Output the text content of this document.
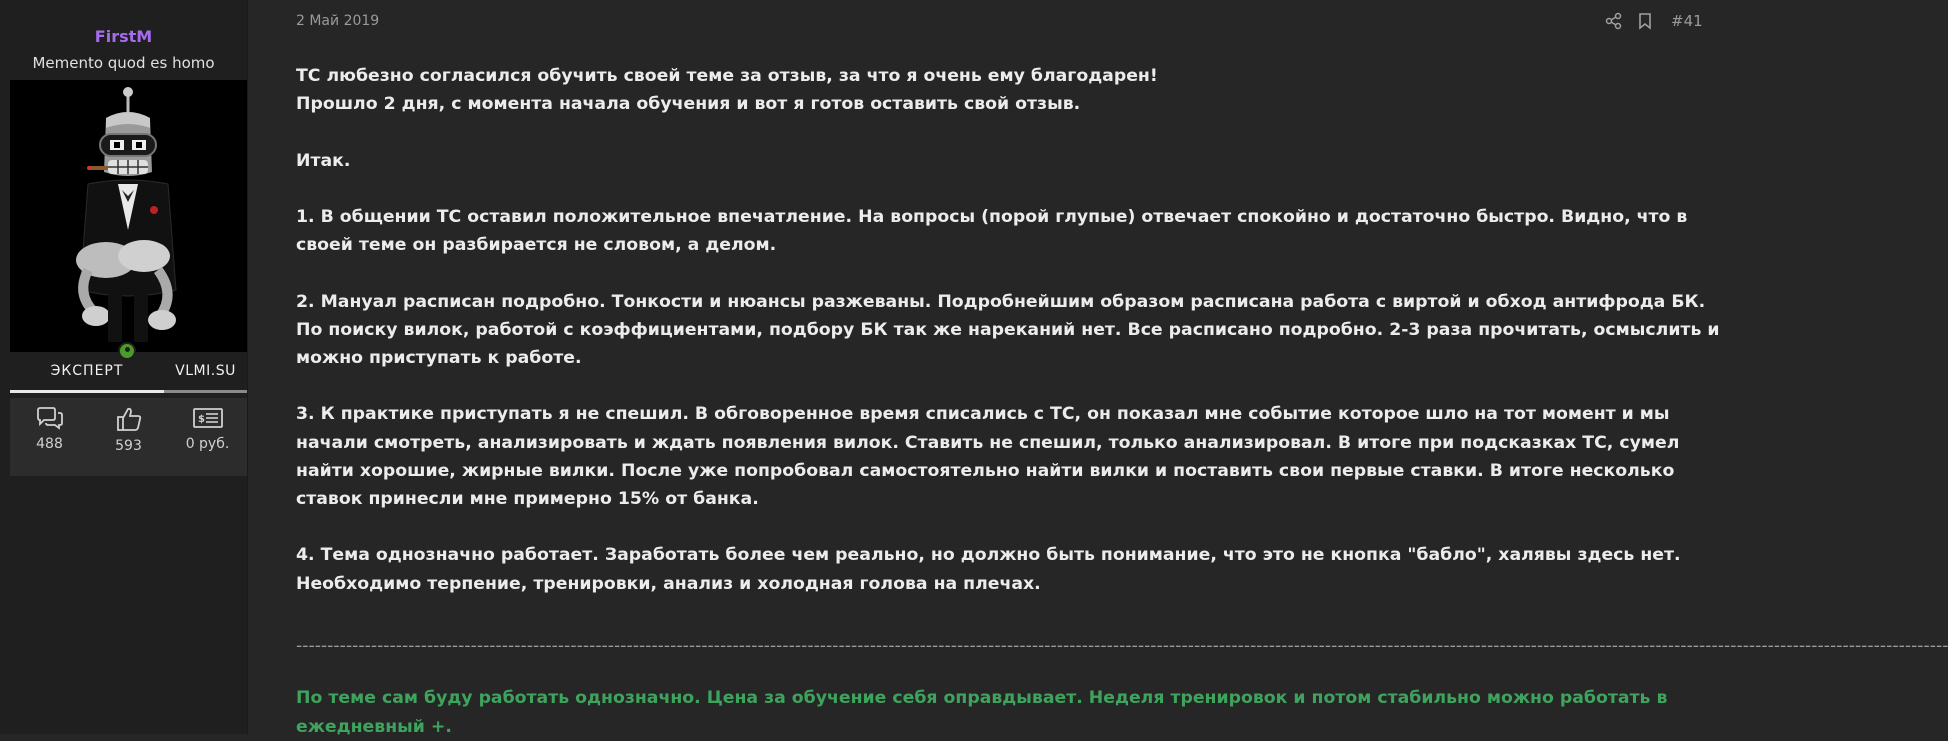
FirstM
Memento quod es homo
ЭКСПЕРТ	VLMI.SU
488	593
$
0 руб.
2 Май 2019	#41

ТС любезно согласился обучить своей теме за отзыв, за что я очень ему благодарен!

Прошло 2 дня, с момента начала обучения и вот я готов оставить свой отзыв.

Итак.

1. В общении ТС оставил положительное впечатление. На вопросы (порой глупые) отвечает спокойно и достаточно быстро. Видно, что в своей теме он разбирается не словом, а делом.

2. Мануал расписан подробно. Тонкости и нюансы разжеваны. Подробнейшим образом расписана работа с виртой и обход антифрода БК. По поиску вилок, работой с коэффициентами, подбору БК так же нареканий нет. Все расписано подробно. 2-3 раза прочитать, осмыслить и можно приступать к работе.

3. К практике приступать я не спешил. В обговоренное время списались с ТС, он показал мне событие которое шло на тот момент и мы начали смотреть, анализировать и ждать появления вилок. Ставить не спешил, только анализировал. В итоге при подсказках ТС, сумел найти хорошие, жирные вилки. После уже попробовал самостоятельно найти вилки и поставить свои первые ставки. В итоге несколько ставок принесли мне примерно 15% от банка.

4. Тема однозначно работает. Заработать более чем реально, но должно быть понимание, что это не кнопка "бабло", халявы здесь нет. Необходимо терпение, тренировки, анализ и холодная голова на плечах.

-------------------------------------------------------------------------------------------------------------------------------------------------------------------------------------------------------------------------------------------------------------------------

По теме сам буду работать однозначно. Цена за обучение себя оправдывает. Неделя тренировок и потом стабильно можно работать в ежедневный +.
